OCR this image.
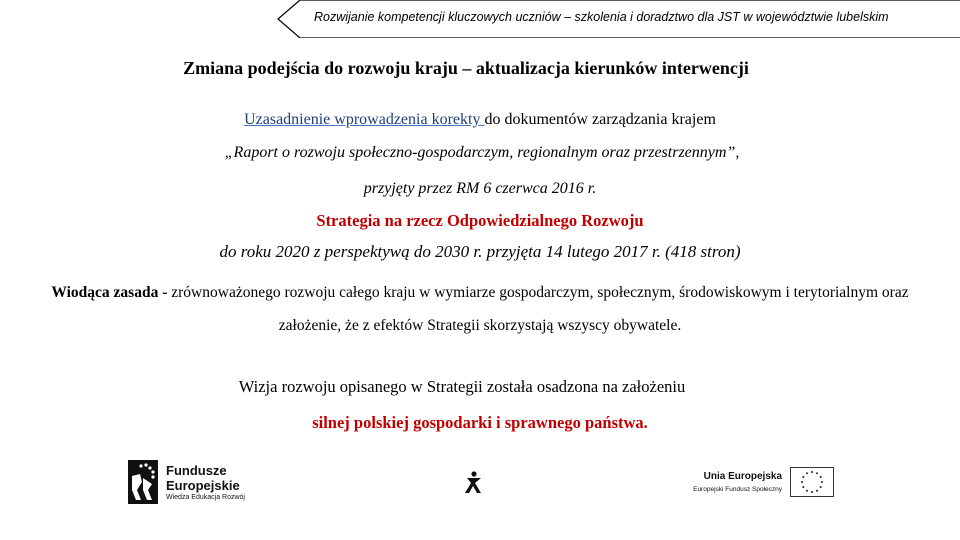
Rozwijanie kompetencji kluczowych uczniów – szkolenia i doradztwo dla JST w województwie lubelskim
Zmiana podejścia do rozwoju kraju – aktualizacja kierunków interwencji
Uzasadnienie wprowadzenia korekty do dokumentów zarządzania krajem
„Raport o rozwoju społeczno-gospodarczym, regionalnym oraz przestrzennym”,
przyjęty przez RM 6 czerwca 2016 r.
Strategia na rzecz Odpowiedzialnego Rozwoju
do roku 2020 z perspektywą do 2030 r. przyjęta 14 lutego 2017 r. (418 stron)
Wiodąca zasada - zrównoważonego rozwoju całego kraju w wymiarze gospodarczym, społecznym, środowiskowym i terytorialnym oraz założenie, że z efektów Strategii skorzystają wszyscy obywatele.
Wizja rozwoju opisanego w Strategii została osadzona na założeniu
silnej polskiej gospodarki i sprawnego państwa.
Fundusze
Europejskie
Wiedza Edukacja Rozwój
Unia Europejska
Europejski Fundusz Społeczny
